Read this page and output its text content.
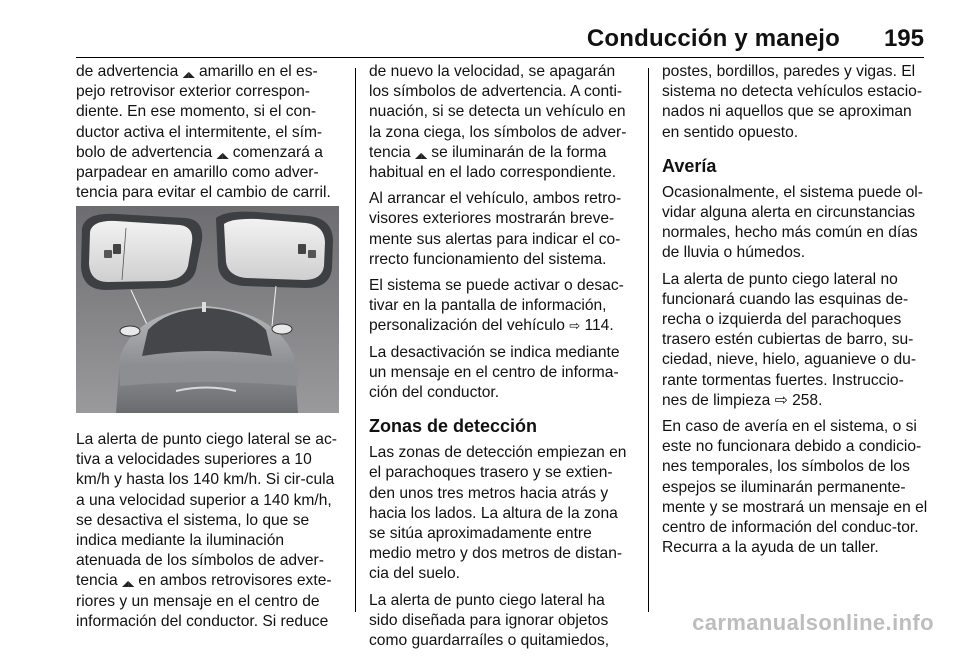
Conducción y manejo 195

de advertencia ◢◣ amarillo en el es-pejo retrovisor exterior correspon-diente. En ese momento, si el con-ductor activa el intermitente, el sím-bolo de advertencia ◢◣ comenzará a parpadear en amarillo como adver-tencia para evitar el cambio de carril.

La alerta de punto ciego lateral se ac-tiva a velocidades superiores a 10 km/h y hasta los 140 km/h. Si cir-cula a una velocidad superior a 140 km/h, se desactiva el sistema, lo que se indica mediante la iluminación atenuada de los símbolos de adver-tencia ◢◣ en ambos retrovisores exte-riores y un mensaje en el centro de información del conductor. Si reduce

de nuevo la velocidad, se apagarán los símbolos de advertencia. A conti-nuación, si se detecta un vehículo en la zona ciega, los símbolos de adver-tencia ◢◣ se iluminarán de la forma habitual en el lado correspondiente.

Al arrancar el vehículo, ambos retro-visores exteriores mostrarán breve-mente sus alertas para indicar el co-rrecto funcionamiento del sistema.

El sistema se puede activar o desac-tivar en la pantalla de información, personalización del vehículo ⇨ 114.

La desactivación se indica mediante un mensaje en el centro de informa-ción del conductor.

Zonas de detección

Las zonas de detección empiezan en el parachoques trasero y se extien-den unos tres metros hacia atrás y hacia los lados. La altura de la zona se sitúa aproximadamente entre medio metro y dos metros de distan-cia del suelo.

La alerta de punto ciego lateral ha sido diseñada para ignorar objetos como guardarraíles o quitamiedos,

postes, bordillos, paredes y vigas. El sistema no detecta vehículos estacio-nados ni aquellos que se aproximan en sentido opuesto.

Avería

Ocasionalmente, el sistema puede ol-vidar alguna alerta en circunstancias normales, hecho más común en días de lluvia o húmedos.

La alerta de punto ciego lateral no funcionará cuando las esquinas de-recha o izquierda del parachoques trasero estén cubiertas de barro, su-ciedad, nieve, hielo, aguanieve o du-rante tormentas fuertes. Instruccio-nes de limpieza ⇨ 258.

En caso de avería en el sistema, o si este no funcionara debido a condicio-nes temporales, los símbolos de los espejos se iluminarán permanente-mente y se mostrará un mensaje en el centro de información del conduc-tor. Recurra a la ayuda de un taller.

carmanualsonline.info
